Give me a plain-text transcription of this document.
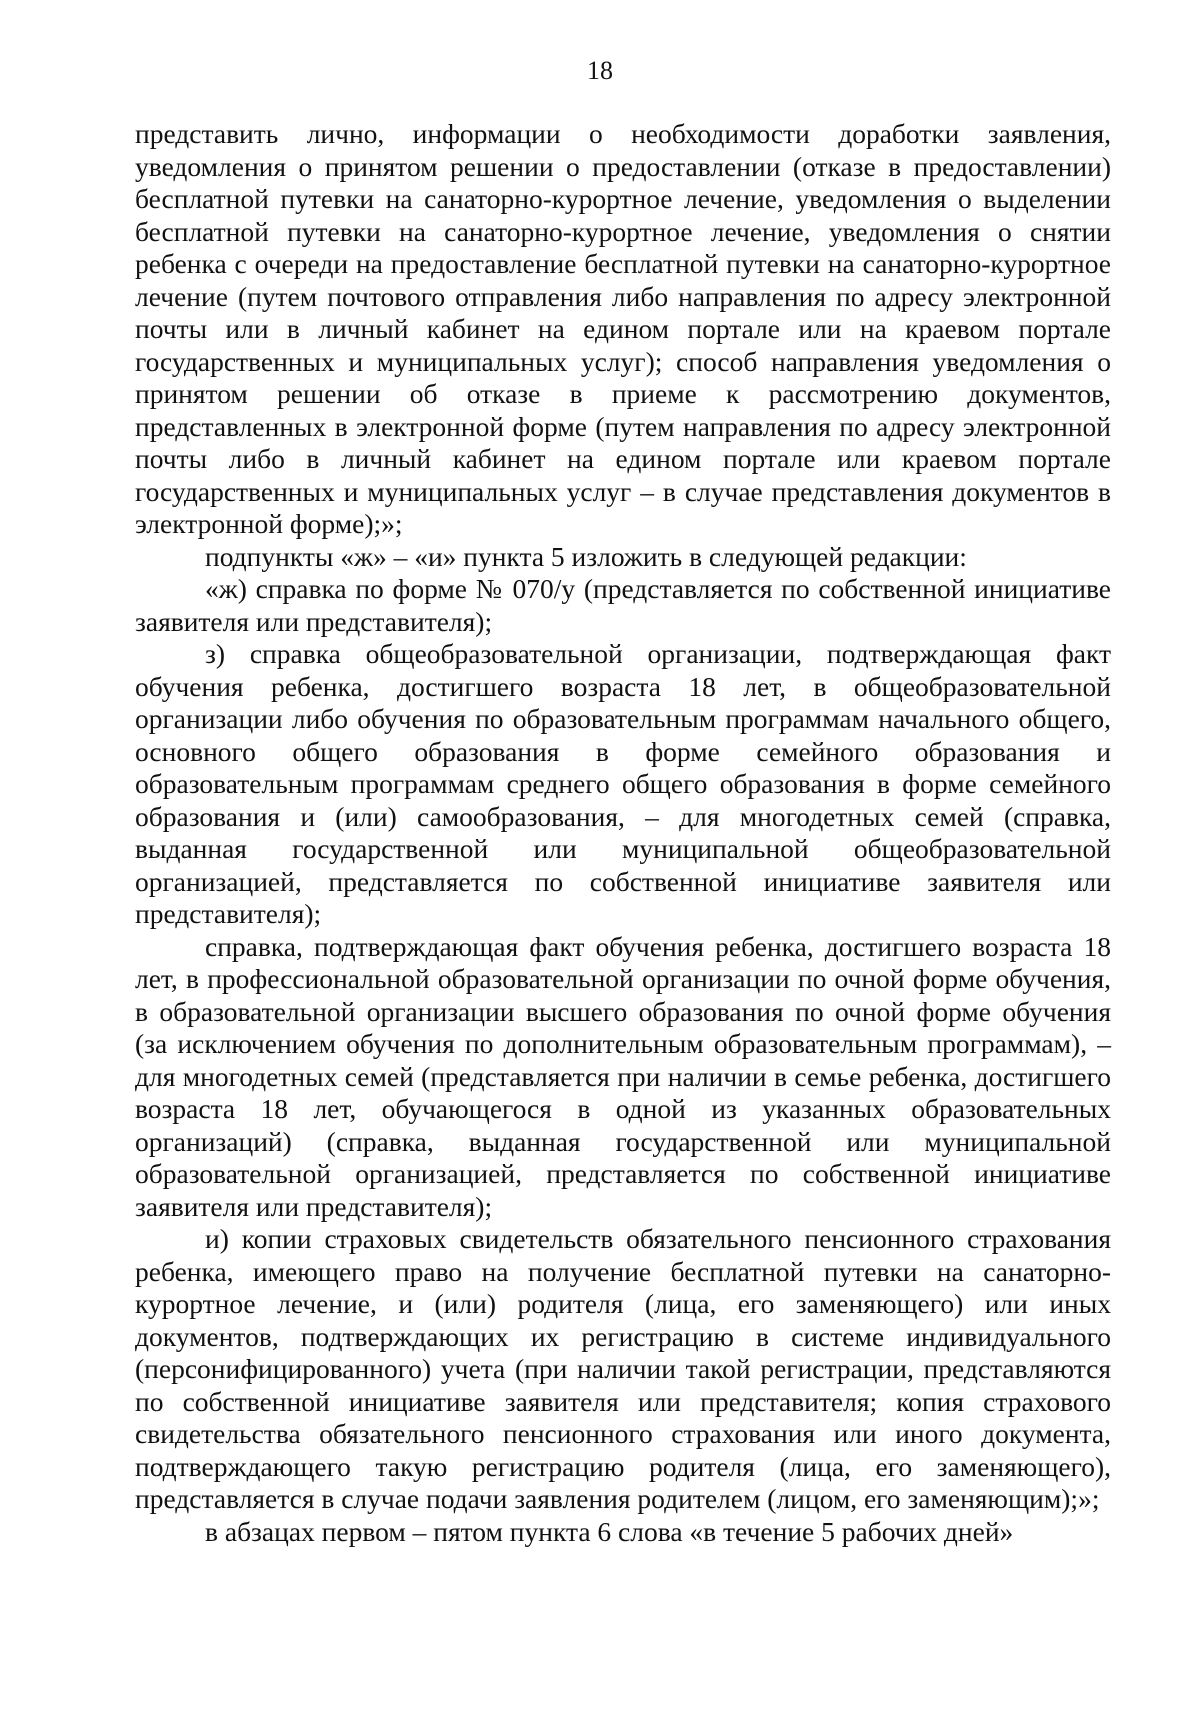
18

представить лично, информации о необходимости доработки заявления, уведомления о принятом решении о предоставлении (отказе в предоставлении) бесплатной путевки на санаторно-курортное лечение, уведомления о выделении бесплатной путевки на санаторно-курортное лечение, уведомления о снятии ребенка с очереди на предоставление бесплатной путевки на санаторно-курортное лечение (путем почтового отправления либо направления по адресу электронной почты или в личный кабинет на едином портале или на краевом портале государственных и муниципальных услуг); способ направления уведомления о принятом решении об отказе в приеме к рассмотрению документов, представленных в электронной форме (путем направления по адресу электронной почты либо в личный кабинет на едином портале или краевом портале государственных и муниципальных услуг – в случае представления документов в электронной форме);»;

подпункты «ж» – «и» пункта 5 изложить в следующей редакции:

«ж) справка по форме № 070/у (представляется по собственной инициативе заявителя или представителя);

з) справка общеобразовательной организации, подтверждающая факт обучения ребенка, достигшего возраста 18 лет, в общеобразовательной организации либо обучения по образовательным программам начального общего, основного общего образования в форме семейного образования и образовательным программам среднего общего образования в форме семейного образования и (или) самообразования, – для многодетных семей (справка, выданная государственной или муниципальной общеобразовательной организацией, представляется по собственной инициативе заявителя или представителя);

справка, подтверждающая факт обучения ребенка, достигшего возраста 18 лет, в профессиональной образовательной организации по очной форме обучения, в образовательной организации высшего образования по очной форме обучения (за исключением обучения по дополнительным образовательным программам), – для многодетных семей (представляется при наличии в семье ребенка, достигшего возраста 18 лет, обучающегося в одной из указанных образовательных организаций) (справка, выданная государственной или муниципальной образовательной организацией, представляется по собственной инициативе заявителя или представителя);

и) копии страховых свидетельств обязательного пенсионного страхования ребенка, имеющего право на получение бесплатной путевки на санаторно-курортное лечение, и (или) родителя (лица, его заменяющего) или иных документов, подтверждающих их регистрацию в системе индивидуального (персонифицированного) учета (при наличии такой регистрации, представляются по собственной инициативе заявителя или представителя; копия страхового свидетельства обязательного пенсионного страхования или иного документа, подтверждающего такую регистрацию родителя (лица, его заменяющего), представляется в случае подачи заявления родителем (лицом, его заменяющим);»;

в абзацах первом – пятом пункта 6 слова «в течение 5 рабочих дней»
